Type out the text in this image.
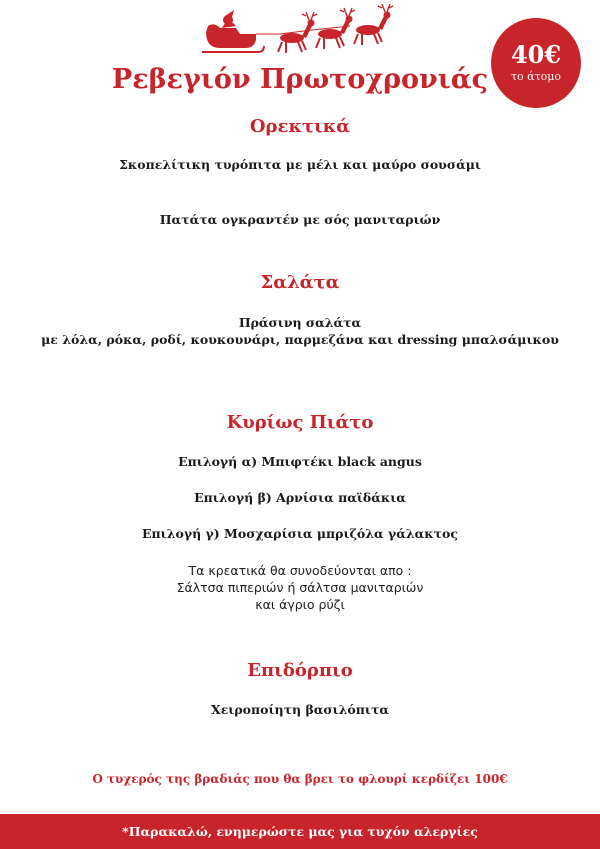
40€
το άτομο
Ρεβεγιόν Πρωτοχρονιάς
Ορεκτικά
Σκοπελίτικη τυρόπιτα με μέλι και μαύρο σουσάμι
Πατάτα ογκραντέν με σός μανιταριών
Σαλάτα
Πράσινη σαλάτα
με λόλα, ρόκα, ροδί, κουκουνάρι, παρμεζάνα και dressing μπαλσάμικου
Κυρίως Πιάτο
Επιλογή α) Μπιφτέκι black angus
Επιλογή β) Αρνίσια παϊδάκια
Επιλογή γ) Μοσχαρίσια μπριζόλα γάλακτος
Τα κρεατικά θα συνοδεύονται απο :
Σάλτσα πιπεριών ή σάλτσα μανιταριών
και άγριο ρύζι
Επιδόρπιο
Χειροποίητη βασιλόπιτα
Ο τυχερός της βραδιάς που θα βρει το φλουρί κερδίζει 100€
*Παρακαλώ, ενημερώστε μας για τυχόν αλεργίες
